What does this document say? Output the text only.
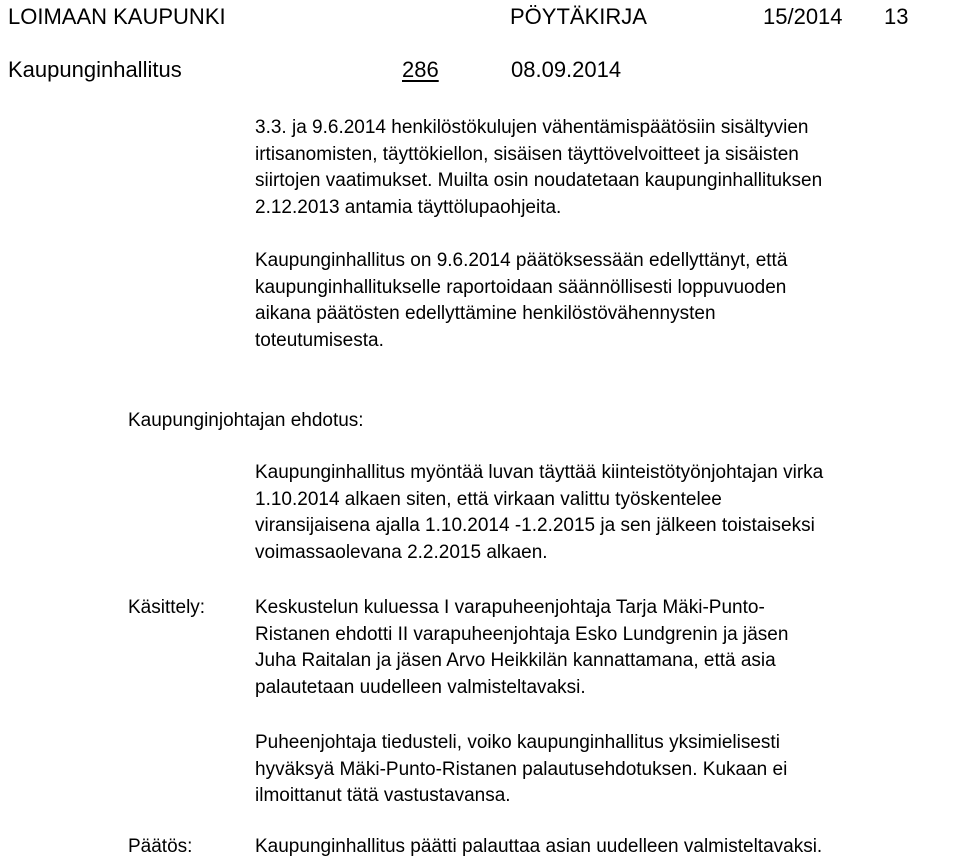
LOIMAAN KAUPUNKI	PÖYTÄKIRJA	15/2014 13
Kaupunginhallitus	286	08.09.2014
3.3. ja 9.6.2014 henkilöstökulujen vähentämispäätösiin sisältyvien
irtisanomisten, täyttökiellon, sisäisen täyttövelvoitteet ja sisäisten
siirtojen vaatimukset. Muilta osin noudatetaan kaupunginhallituksen
2.12.2013 antamia täyttölupaohjeita.
Kaupunginhallitus on 9.6.2014 päätöksessään edellyttänyt, että
kaupunginhallitukselle raportoidaan säännöllisesti loppuvuoden
aikana päätösten edellyttämine henkilöstövähennysten
toteutumisesta.
Kaupunginjohtajan ehdotus:
Kaupunginhallitus myöntää luvan täyttää kiinteistötyönjohtajan virka
1.10.2014 alkaen siten, että virkaan valittu työskentelee
viransijaisena ajalla 1.10.2014 -1.2.2015 ja sen jälkeen toistaiseksi
voimassaolevana 2.2.2015 alkaen.
Käsittely:	Keskustelun kuluessa I varapuheenjohtaja Tarja Mäki-Punto-
Ristanen ehdotti II varapuheenjohtaja Esko Lundgrenin ja jäsen
Juha Raitalan ja jäsen Arvo Heikkilän kannattamana, että asia
palautetaan uudelleen valmisteltavaksi.
Puheenjohtaja tiedusteli, voiko kaupunginhallitus yksimielisesti
hyväksyä Mäki-Punto-Ristanen palautusehdotuksen. Kukaan ei
ilmoittanut tätä vastustavansa.
Päätös:	Kaupunginhallitus päätti palauttaa asian uudelleen valmisteltavaksi.
